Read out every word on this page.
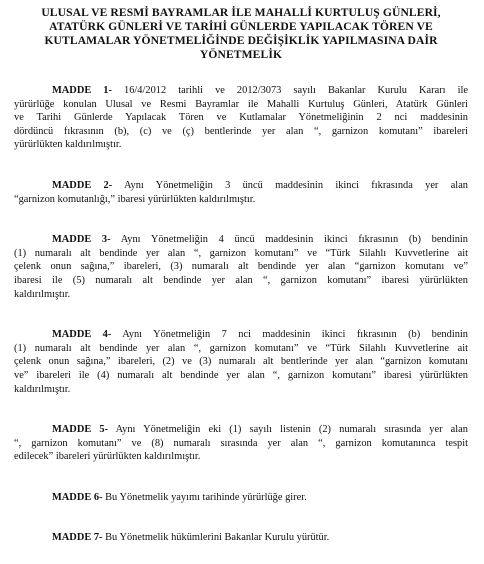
ULUSAL VE RESMİ BAYRAMLAR İLE MAHALLİ KURTULUŞ GÜNLERİ,
ATATÜRK GÜNLERİ VE TARİHİ GÜNLERDE YAPILACAK TÖREN VE
KUTLAMALAR YÖNETMELİĞİNDE DEĞİŞİKLİK YAPILMASINA DAİR
YÖNETMELİK
MADDE 1- 16/4/2012 tarihli ve 2012/3073 sayılı Bakanlar Kurulu Kararı ile
yürürlüğe konulan Ulusal ve Resmi Bayramlar ile Mahalli Kurtuluş Günleri, Atatürk Günleri
ve Tarihi Günlerde Yapılacak Tören ve Kutlamalar Yönetmeliğinin 2 nci maddesinin
dördüncü fıkrasının (b), (c) ve (ç) bentlerinde yer alan “, garnizon komutanı” ibareleri
yürürlükten kaldırılmıştır.
MADDE 2- Aynı Yönetmeliğin 3 üncü maddesinin ikinci fıkrasında yer alan
“garnizon komutanlığı,” ibaresi yürürlükten kaldırılmıştır.
MADDE 3- Aynı Yönetmeliğin 4 üncü maddesinin ikinci fıkrasının (b) bendinin
(1) numaralı alt bendinde yer alan “, garnizon komutanı” ve “Türk Silahlı Kuvvetlerine ait
çelenk onun sağına,” ibareleri, (3) numaralı alt bendinde yer alan “garnizon komutanı ve”
ibaresi ile (5) numaralı alt bendinde yer alan “, garnizon komutanı” ibaresi yürürlükten
kaldırılmıştır.
MADDE 4- Aynı Yönetmeliğin 7 nci maddesinin ikinci fıkrasının (b) bendinin
(1) numaralı alt bendinde yer alan “, garnizon komutanı” ve “Türk Silahlı Kuvvetlerine ait
çelenk onun sağına,” ibareleri, (2) ve (3) numaralı alt bentlerinde yer alan “garnizon komutanı
ve” ibareleri ile (4) numaralı alt bendinde yer alan “, garnizon komutanı” ibaresi yürürlükten
kaldırılmıştır.
MADDE 5- Aynı Yönetmeliğin eki (1) sayılı listenin (2) numaralı sırasında yer alan
“, garnizon komutanı” ve (8) numaralı sırasında yer alan “, garnizon komutanınca tespit
edilecek” ibareleri yürürlükten kaldırılmıştır.
MADDE 6- Bu Yönetmelik yayımı tarihinde yürürlüğe girer.
MADDE 7- Bu Yönetmelik hükümlerini Bakanlar Kurulu yürütür.
